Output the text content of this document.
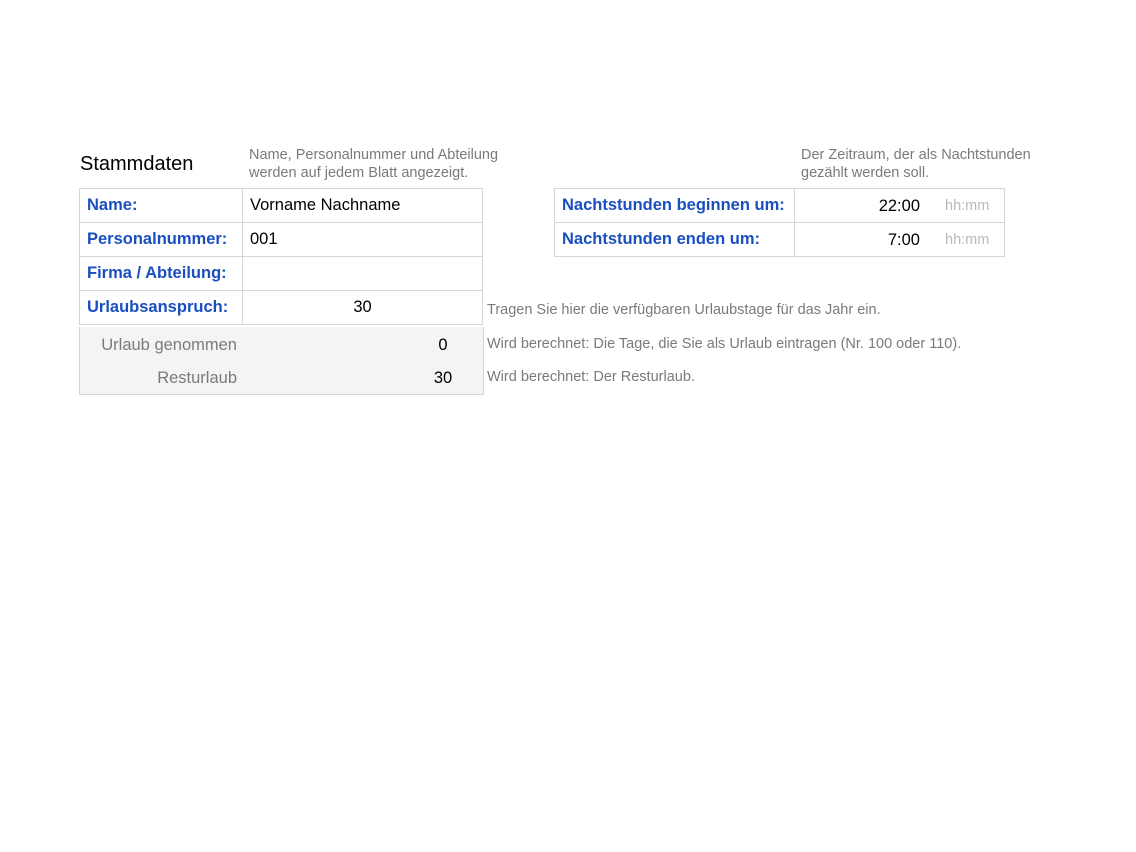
Stammdaten	Name, Personalnummer und Abteilung
werden auf jedem Blatt angezeigt.
Der Zeitraum, der als Nachtstunden
gezählt werden soll.
Name:	Vorname Nachname
Personalnummer:	001
Firma / Abteilung:	
Urlaubsanspruch:	30
Urlaub genommen	0
Resturlaub	30
Tragen Sie hier die verfügbaren Urlaubstage für das Jahr ein.
Wird berechnet: Die Tage, die Sie als Urlaub eintragen (Nr. 100 oder 110).
Wird berechnet: Der Resturlaub.
Nachtstunden beginnen um:	22:00 hh:mm

Nachtstunden enden um:	7:00 hh:mm
